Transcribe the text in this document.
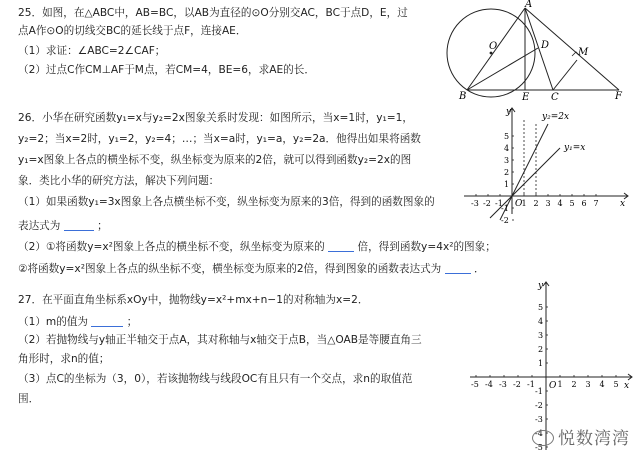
25．如图，在△ABC中，AB=BC，以AB为直径的⊙O分别交AC，BC于点D，E，过
点A作⊙O的切线交BC的延长线于点F，连接AE．
（1）求证：∠ABC=2∠CAF；
（2）过点C作CM⊥AF于M点，若CM=4，BE=6，求AE的长．
A
B	C
D
E	F
M
O
26．小华在研究函数y₁=x与y₂=2x图象关系时发现：如图所示，当x=1时，y₁=1，
y₂=2；当x=2时，y₁=2，y₂=4；…；当x=a时，y₁=a，y₂=2a．他得出如果将函数
y₁=x图象上各点的横坐标不变，纵坐标变为原来的2倍，就可以得到函数y₂=2x的图
象．类比小华的研究方法，解决下列问题：
（1）如果函数y₁=3x图象上各点横坐标不变，纵坐标变为原来的3倍，得到的函数图象的
表达式为	；
（2）①将函数y=x²图象上各点的横坐标不变，纵坐标变为原来的	倍，得到函数y=4x²的图象；
②将函数y=x²图象上各点的纵坐标不变，横坐标变为原来的2倍，得到图象的函数表达式为	．
-3 -2 -1 1 2 3 4 5 6 7
5
4
3
2
1
-1
-2
y
x
O
y₂=2x
y₁=x
27．在平面直角坐标系xOy中，抛物线y=x²+mx+n−1的对称轴为x=2．
（1）m的值为	；
（2）若抛物线与y轴正半轴交于点A，其对称轴与x轴交于点B，当△OAB是等腰直角三
角形时，求n的值；
（3）点C的坐标为（3，0），若该抛物线与线段OC有且只有一个交点，求n的取值范
围．
-5 -4 -3 -2 -1	1 2 3 4 5
5
4
3
2
1
-1
-2
-3
-4
-5
y
x
O
悦数湾湾
